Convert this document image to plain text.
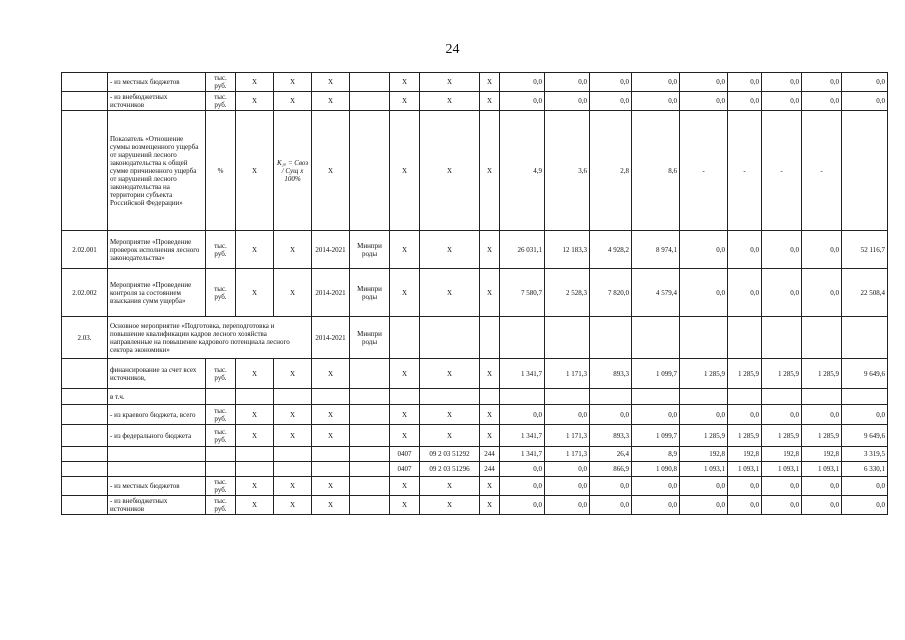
24
	- из местных бюджетов	тыс. руб.	Х	Х	Х		Х	Х	Х	0,0	0,0	0,0	0,0	0,0	0,0	0,0	0,0	0,0
	- из внебюджетных источников	тыс. руб.	Х	Х	Х		Х	Х	Х	0,0	0,0	0,0	0,0	0,0	0,0	0,0	0,0	0,0
	Показатель «Отношение суммы возмещенного ущерба от нарушений лесного законодательства к общей сумме причиненного ущерба от нарушений лесного законодательства на территории субъекта Российской Федерации»	%	Х	К₁ₐ = Своз / Сущ х 100%	Х		Х	Х	Х	4,9	3,6	2,8	8,6	-	-	-	-	
2.02.001	Мероприятие «Проведение проверок исполнения лесного законодательства»	тыс. руб.	Х	Х	2014-2021	Минпри роды	Х	Х	Х	26 031,1	12 183,3	4 928,2	8 974,1	0,0	0,0	0,0	0,0	52 116,7
2.02.002	Мероприятие «Проведение контроля за состоянием взыскания сумм ущерба»	тыс. руб.	Х	Х	2014-2021	Минпри роды	Х	Х	Х	7 580,7	2 528,3	7 820,0	4 579,4	0,0	0,0	0,0	0,0	22 508,4
2.03.	Основное мероприятие «Подготовка, переподготовка и повышение квалификации кадров лесного хозяйства направленные на повышение кадрового потенциала лесного сектора экономики»				2014-2021	Минпри роды												
	финансирование за счет всех источников,	тыс. руб.	Х	Х	Х		Х	Х	Х	1 341,7	1 171,3	893,3	1 099,7	1 285,9	1 285,9	1 285,9	1 285,9	9 649,6
	в т.ч.																	
	- из краевого бюджета, всего	тыс. руб.	Х	Х	Х		Х	Х	Х	0,0	0,0	0,0	0,0	0,0	0,0	0,0	0,0	0,0
	- из федерального бюджета	тыс. руб.	Х	Х	Х		Х	Х	Х	1 341,7	1 171,3	893,3	1 099,7	1 285,9	1 285,9	1 285,9	1 285,9	9 649,6
							0407	09 2 03 51292	244	1 341,7	1 171,3	26,4	8,9	192,8	192,8	192,8	192,8	3 319,5
							0407	09 2 03 51296	244	0,0	0,0	866,9	1 090,8	1 093,1	1 093,1	1 093,1	1 093,1	6 330,1
	- из местных бюджетов	тыс. руб.	Х	Х	Х		Х	Х	Х	0,0	0,0	0,0	0,0	0,0	0,0	0,0	0,0	0,0
	- из внебюджетных источников	тыс. руб.	Х	Х	Х		Х	Х	Х	0,0	0,0	0,0	0,0	0,0	0,0	0,0	0,0	0,0
